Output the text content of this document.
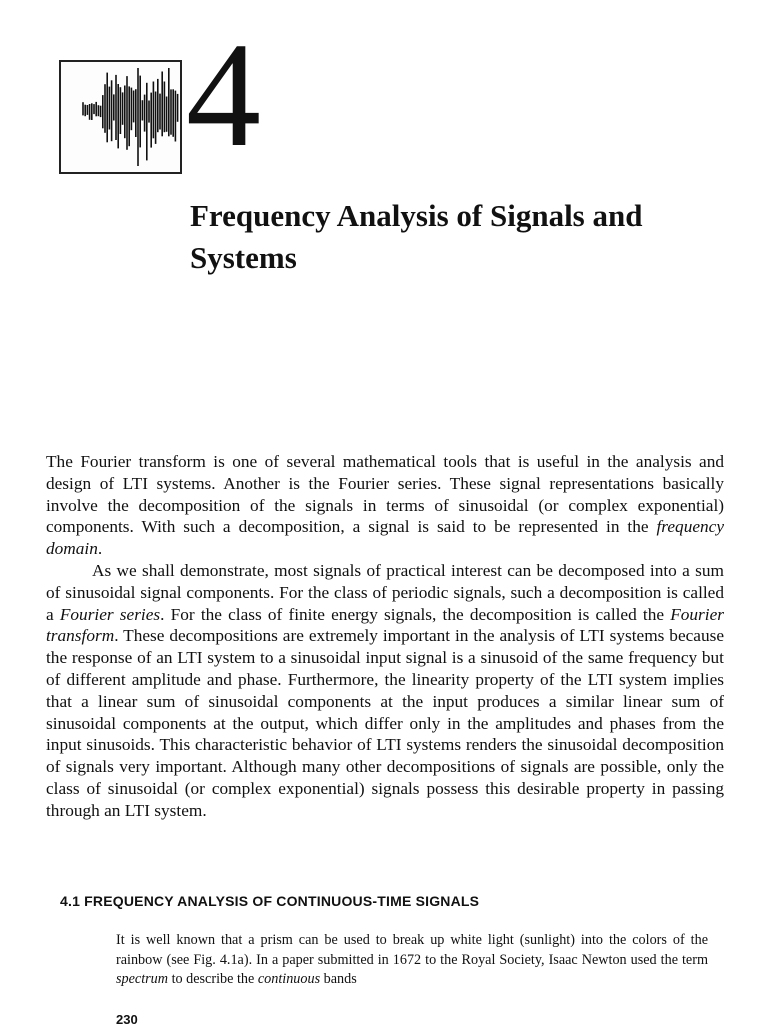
4
Frequency Analysis of Signals and Systems

The Fourier transform is one of several mathematical tools that is useful in the analysis and design of LTI systems. Another is the Fourier series. These signal representations basically involve the decomposition of the signals in terms of sinusoidal (or complex exponential) components. With such a decomposition, a signal is said to be represented in the frequency domain.

As we shall demonstrate, most signals of practical interest can be decomposed into a sum of sinusoidal signal components. For the class of periodic signals, such a decomposition is called a Fourier series. For the class of finite energy signals, the decomposition is called the Fourier transform. These decompositions are extremely important in the analysis of LTI systems because the response of an LTI system to a sinusoidal input signal is a sinusoid of the same frequency but of different amplitude and phase. Furthermore, the linearity property of the LTI system implies that a linear sum of sinusoidal components at the input produces a similar linear sum of sinusoidal components at the output, which differ only in the amplitudes and phases from the input sinusoids. This characteristic behavior of LTI systems renders the sinusoidal decomposition of signals very important. Although many other decompositions of signals are possible, only the class of sinusoidal (or complex exponential) signals possess this desirable property in passing through an LTI system.

4.1 FREQUENCY ANALYSIS OF CONTINUOUS-TIME SIGNALS

It is well known that a prism can be used to break up white light (sunlight) into the colors of the rainbow (see Fig. 4.1a). In a paper submitted in 1672 to the Royal Society, Isaac Newton used the term spectrum to describe the continuous bands

230
